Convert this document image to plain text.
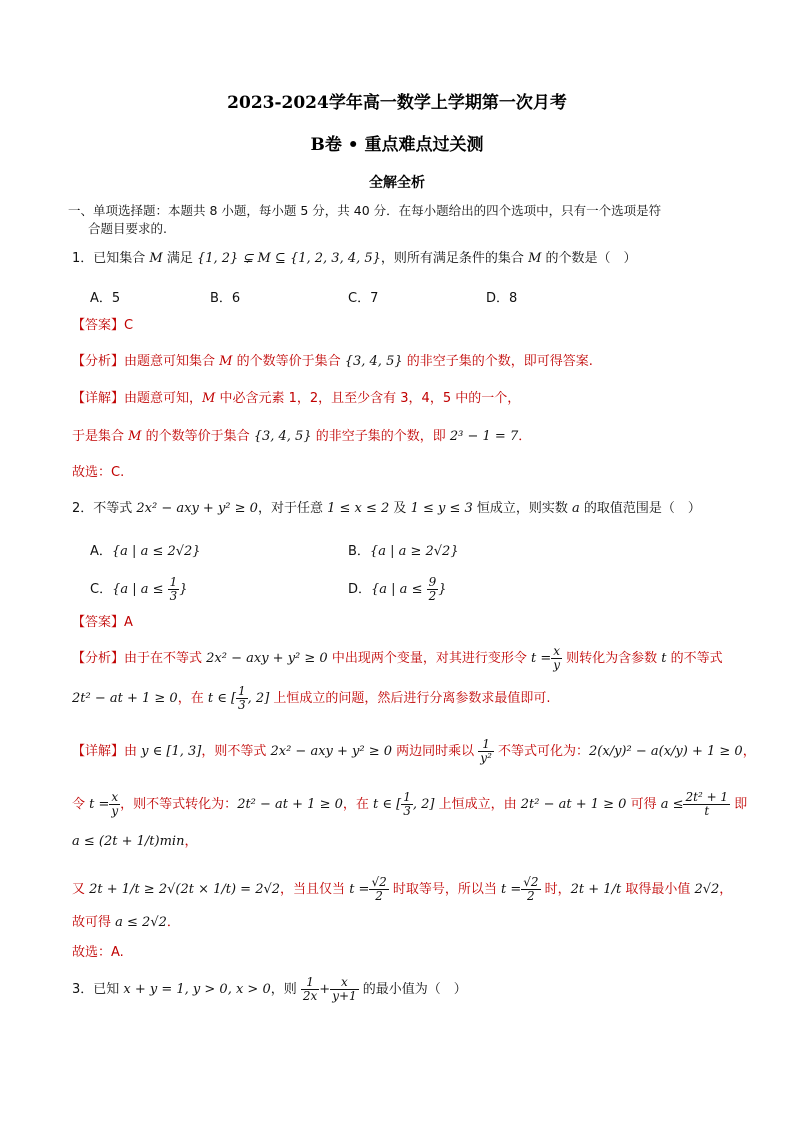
2023-2024学年高一数学上学期第一次月考
B卷 • 重点难点过关测
全解全析
一、单项选择题：本题共 8 小题，每小题 5 分，共 40 分．在每小题给出的四个选项中，只有一个选项是符
合题目要求的.
1．已知集合 M 满足 {1, 2} ⊊ M ⊆ {1, 2, 3, 4, 5}，则所有满足条件的集合 M 的个数是（　）
A．5	B．6	C．7	D．8
【答案】C
【分析】由题意可知集合 M 的个数等价于集合 {3, 4, 5} 的非空子集的个数，即可得答案.
【详解】由题意可知，M 中必含元素 1，2，且至少含有 3，4，5 中的一个，
于是集合 M 的个数等价于集合 {3, 4, 5} 的非空子集的个数，即 2³ − 1 = 7．
故选：C.
2．不等式 2x² − axy + y² ≥ 0，对于任意 1 ≤ x ≤ 2 及 1 ≤ y ≤ 3 恒成立，则实数 a 的取值范围是（　）
A．{a | a ≤ 2√2}	B．{a | a ≥ 2√2}
C．{a | $a \le \frac{1}{3}$ }	D．{a | $a \le \frac{9}{2}$ }
【答案】A
【分析】由于在不等式 2x² − axy + y² ≥ 0 中出现两个变量，对其进行变形令 $t = \frac{x}{y}$ 则转化为含参数 t 的不等式
2t² − at + 1 ≥ 0，在 t ∈ [ $\frac{1}{3}$ , 2] 上恒成立的问题，然后进行分离参数求最值即可.
【详解】由 y ∈ [1, 3]，则不等式 2x² − axy + y² ≥ 0 两边同时乘以 $\frac{1}{\text{y²}}$ 不等式可化为：2(x/y)² − a(x/y) + 1 ≥ 0，
令 $t = \frac{x}{y}$ ，则不等式转化为：2t² − at + 1 ≥ 0，在 t ∈ [ $\frac{1}{3}$ , 2] 上恒成立，由 2t² − at + 1 ≥ 0 可得 $a \le \frac{\text{2t² + 1}}{t}$ 即
a ≤ (2t + 1/t)min，
又 2t + 1/t ≥ 2√(2t × 1/t) = 2√2，当且仅当 $t = \frac{√2}{2}$ 时取等号，所以当 $t = \frac{√2}{2}$ 时，2t + 1/t 取得最小值 2√2，
故可得 a ≤ 2√2．
故选：A.
3．已知 x + y = 1, y > 0, x > 0，则 $\frac{1}{2x} + \frac{x}{y+1}$ 的最小值为（　）
